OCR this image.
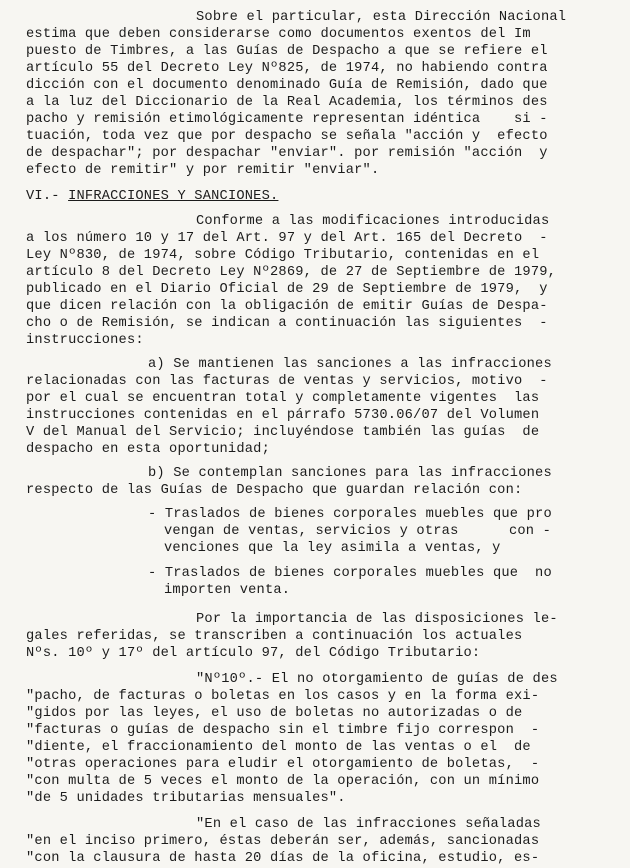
Sobre el particular, esta Dirección Nacional
estima que deben considerarse como documentos exentos del Im
puesto de Timbres, a las Guías de Despacho a que se refiere el
artículo 55 del Decreto Ley Nº825, de 1974, no habiendo contra
dicción con el documento denominado Guía de Remisión, dado que
a la luz del Diccionario de la Real Academia, los términos des
pacho y remisión etimológicamente representan idéntica    si -
tuación, toda vez que por despacho se señala "acción y  efecto
de despachar"; por despachar "enviar". por remisión "acción  y
efecto de remitir" y por remitir "enviar".
VI.- INFRACCIONES Y SANCIONES.
Conforme a las modificaciones introducidas
a los número 10 y 17 del Art. 97 y del Art. 165 del Decreto  -
Ley Nº830, de 1974, sobre Código Tributario, contenidas en el
artículo 8 del Decreto Ley Nº2869, de 27 de Septiembre de 1979,
publicado en el Diario Oficial de 29 de Septiembre de 1979,  y
que dicen relación con la obligación de emitir Guías de Despa-
cho o de Remisión, se indican a continuación las siguientes  -
instrucciones:
a) Se mantienen las sanciones a las infracciones
relacionadas con las facturas de ventas y servicios, motivo  -
por el cual se encuentran total y completamente vigentes  las
instrucciones contenidas en el párrafo 5730.06/07 del Volumen
V del Manual del Servicio; incluyéndose también las guías  de
despacho en esta oportunidad;
b) Se contemplan sanciones para las infracciones
respecto de las Guías de Despacho que guardan relación con:
- Traslados de bienes corporales muebles que pro
vengan de ventas, servicios y otras      con -
venciones que la ley asimila a ventas, y
- Traslados de bienes corporales muebles que  no
importen venta.
Por la importancia de las disposiciones le-
gales referidas, se transcriben a continuación los actuales
Nºs. 10º y 17º del artículo 97, del Código Tributario:
"Nº10º.- El no otorgamiento de guías de des
"pacho, de facturas o boletas en los casos y en la forma exi-
"gidos por las leyes, el uso de boletas no autorizadas o de
"facturas o guías de despacho sin el timbre fijo correspon  -
"diente, el fraccionamiento del monto de las ventas o el  de
"otras operaciones para eludir el otorgamiento de boletas,  -
"con multa de 5 veces el monto de la operación, con un mínimo
"de 5 unidades tributarias mensuales".
"En el caso de las infracciones señaladas
"en el inciso primero, éstas deberán ser, además, sancionadas
"con la clausura de hasta 20 días de la oficina, estudio, es-
